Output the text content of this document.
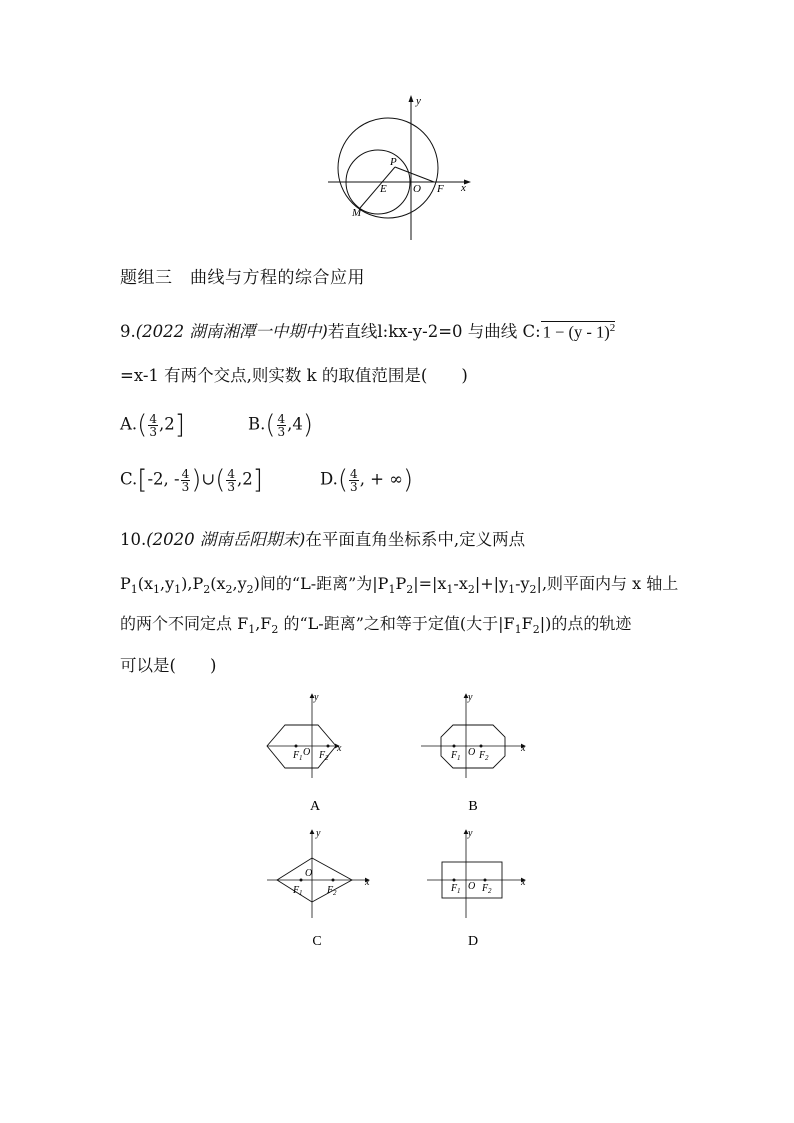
y
x
P
E O F
M
题组三　曲线与方程的综合应用
9.(2022 湖南湘潭一中期中)若直线l:kx-y-2=0 与曲线 C: 1 − (y - 1)$^2$
=x-1 有两个交点,则实数 k 的取值范围是( )
$A.( \frac{4}{3} ,2]$	$B.( \frac{4}{3} ,4)$
C.[-2, - $\frac{4}{3}$ )∪( $\frac{4}{3} ,2$]	$D.( \frac{4}{3}$ , + ∞)
10.(2020 湖南岳阳期末)在平面直角坐标系中,定义两点
$P_1(x_1,y_1),P_2(x_2,y_2)$间的“L-距离”为$|P_1P_2|=|x_1-x_2|+|y_1-y_2|$,则平面内与 x 轴上
的两个不同定点 $F_1,F_2$ 的“L-距离”之和等于定值(大于$|F_1F_2|$)的点的轨迹
可以是( )
y
x
O
F 1 F 2
A
y
x
O
F 1 F 2
B
y
x
O
F 1 F 2
C
y
x
O
F 1 F 2
D
